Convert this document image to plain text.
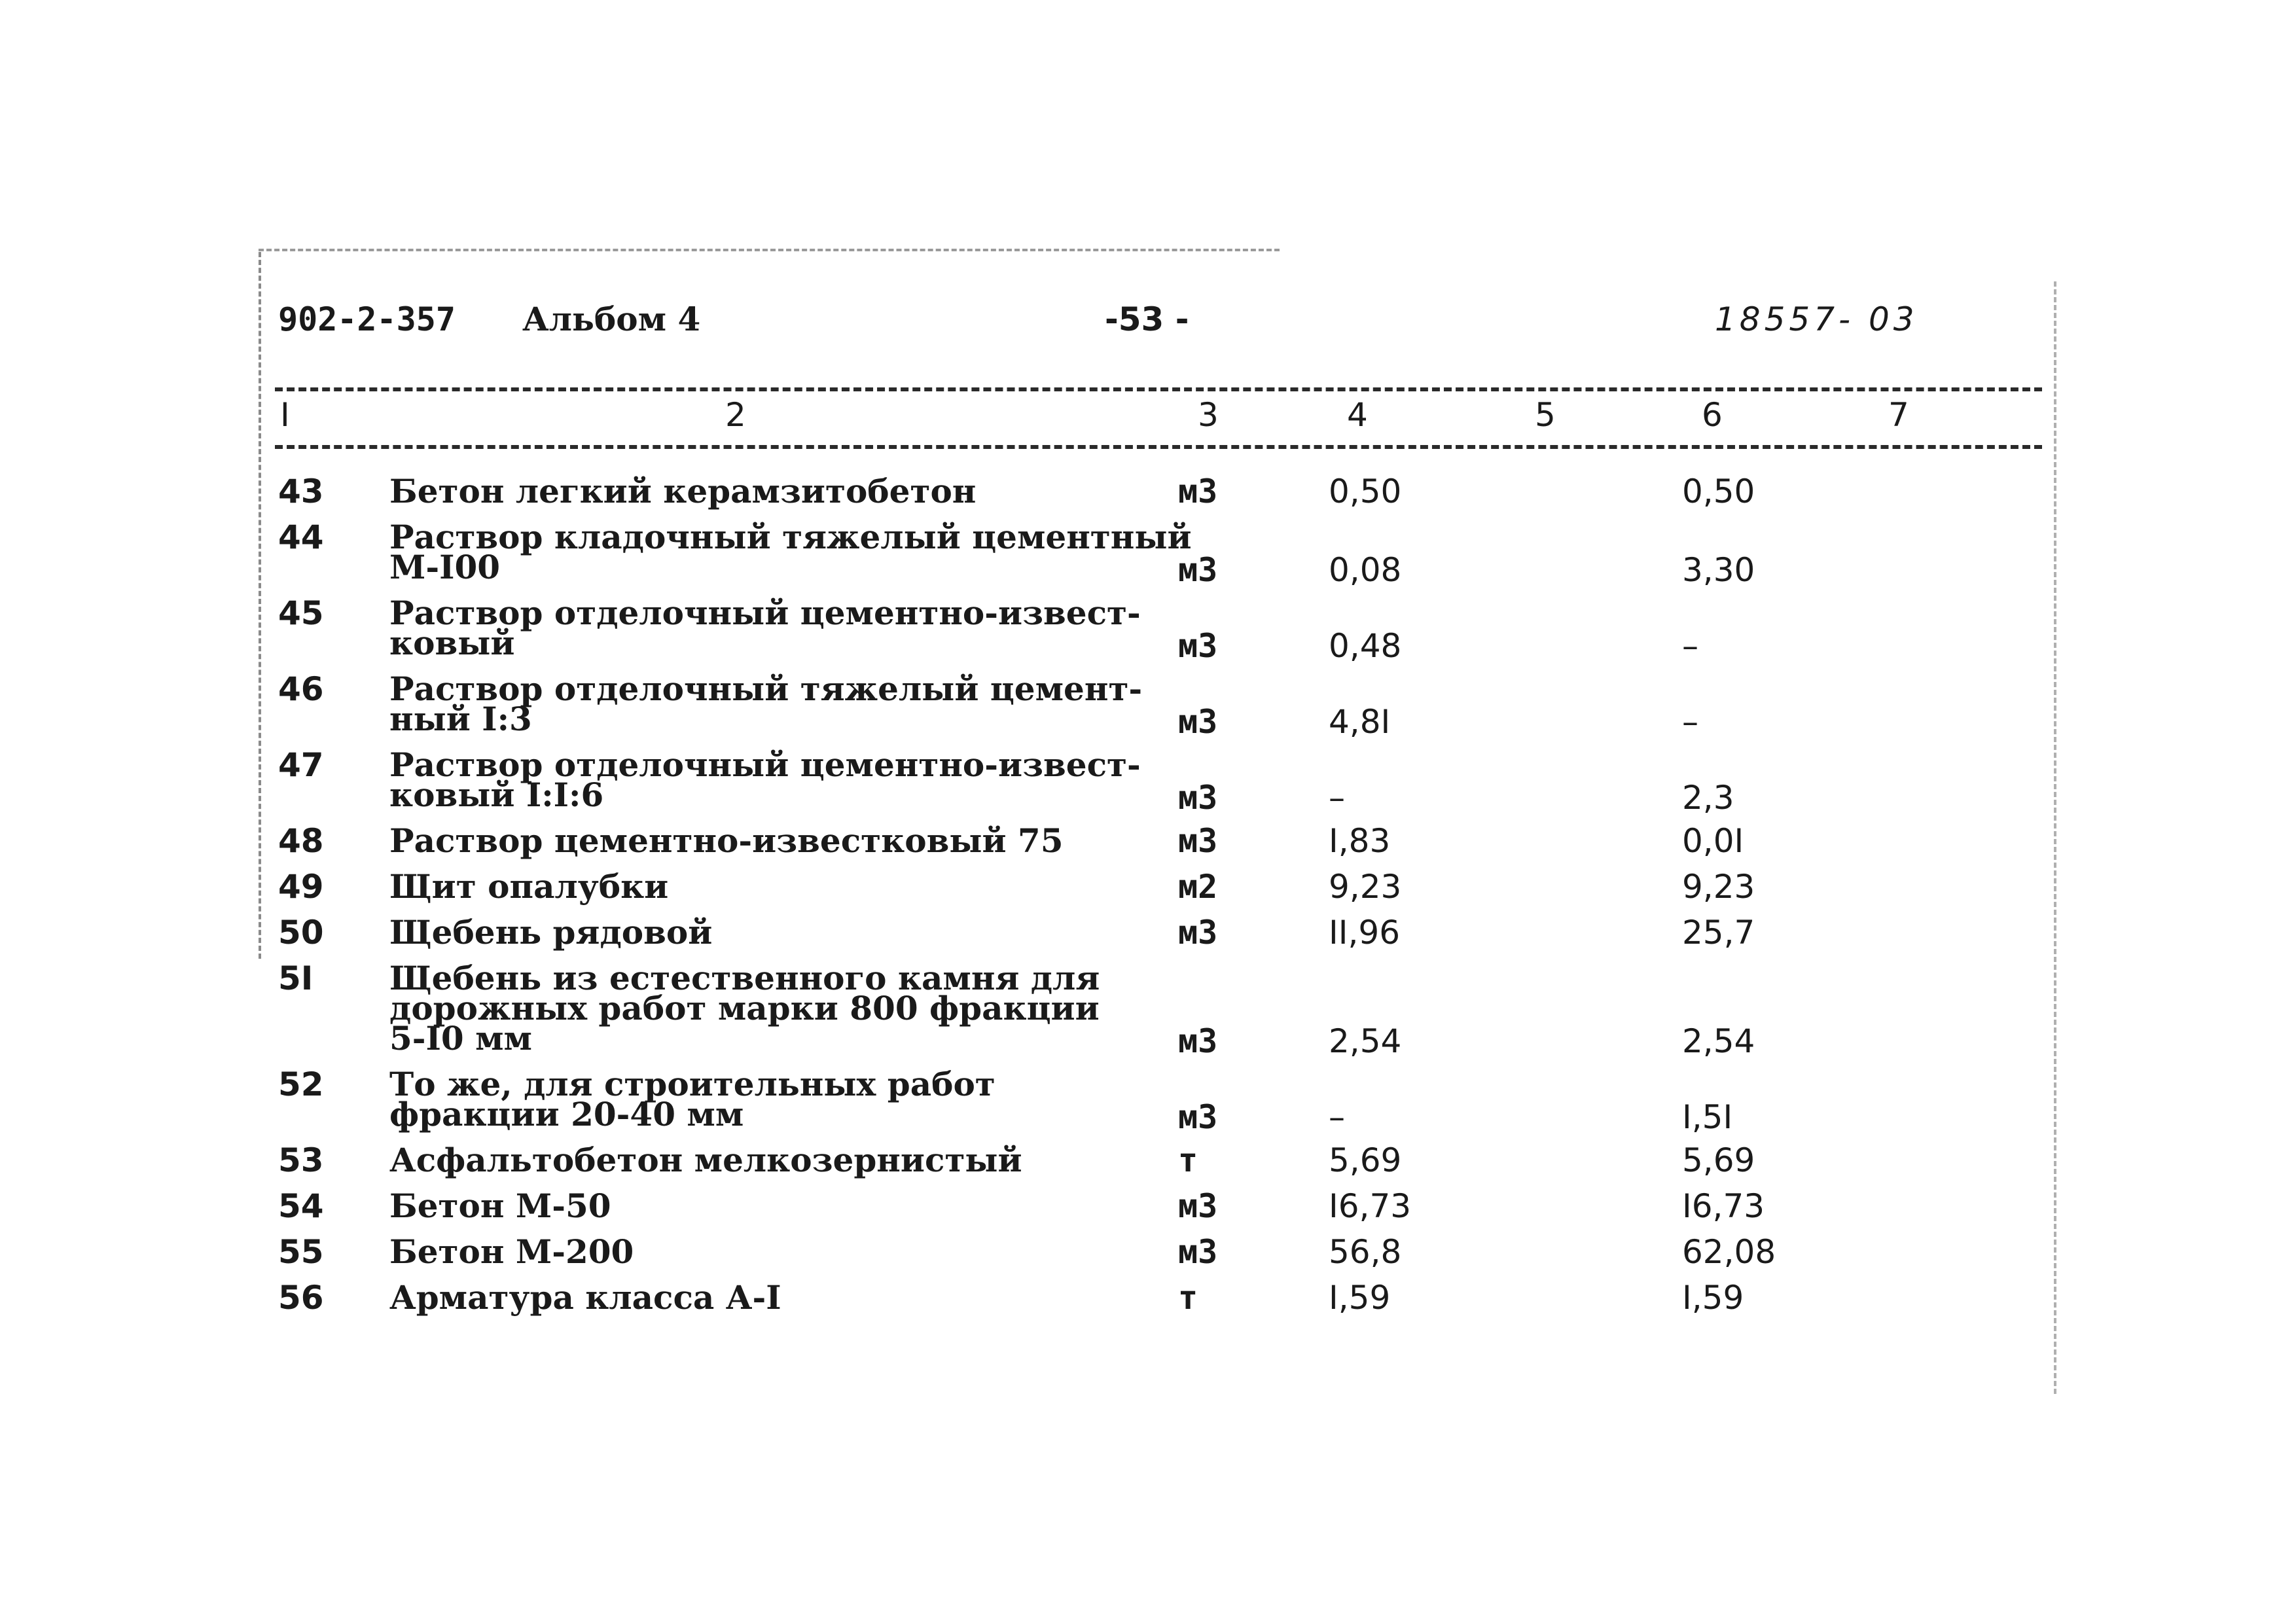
902-2-357 Альбом 4	-53 -	18557- 03
I	2	3	4	5	6	7
43 Бетон легкий керамзитобетон	м3	0,50	0,50
44 Раствор кладочный тяжелый цементный
М-I00	м3	0,08	3,30
45 Раствор отделочный цементно-извест-
ковый	м3	0,48	–
46 Раствор отделочный тяжелый цемент-
ный I:3	м3	4,8I	–
47 Раствор отделочный цементно-извест-
ковый I:I:6	м3	–	2,3
48 Раствор цементно-известковый 75	м3	I,83	0,0I
49 Щит опалубки	м2	9,23	9,23
50 Щебень рядовой	м3	II,96	25,7
5I Щебень из естественного камня для
дорожных работ марки 800 фракции
5-I0 мм	м3	2,54	2,54
52 То же, для строительных работ
фракции 20-40 мм	м3	–	I,5I
53 Асфальтобетон мелкозернистый	т	5,69	5,69
54 Бетон М-50	м3	I6,73	I6,73
55 Бетон М-200	м3	56,8	62,08
56 Арматура класса А-I	т	I,59	I,59
